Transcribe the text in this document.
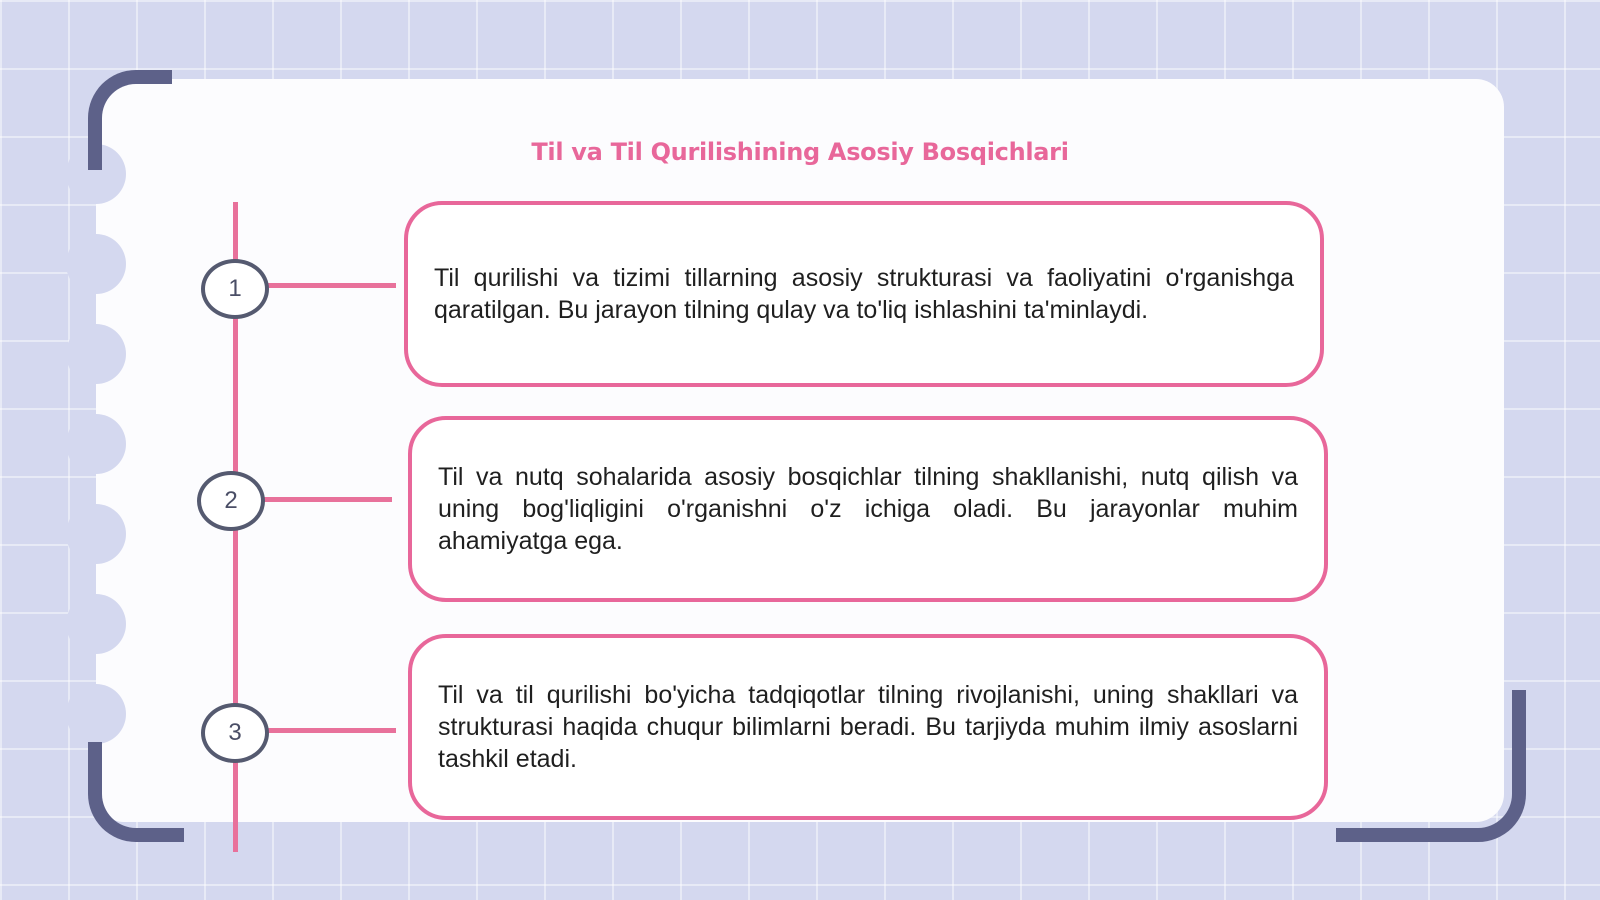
Til va Til Qurilishining Asosiy Bosqichlari
1
2
3

Til qurilishi va tizimi tillarning asosiy strukturasi va faoliyatini o'rganishga qaratilgan. Bu jarayon tilning qulay va to'liq ishlashini ta'minlaydi.

Til va nutq sohalarida asosiy bosqichlar tilning shakllanishi, nutq qilish va uning bog'liqligini o'rganishni o'z ichiga oladi. Bu jarayonlar muhim ahamiyatga ega.

Til va til qurilishi bo'yicha tadqiqotlar tilning rivojlanishi, uning shakllari va strukturasi haqida chuqur bilimlarni beradi. Bu tarjiyda muhim ilmiy asoslarni tashkil etadi.
